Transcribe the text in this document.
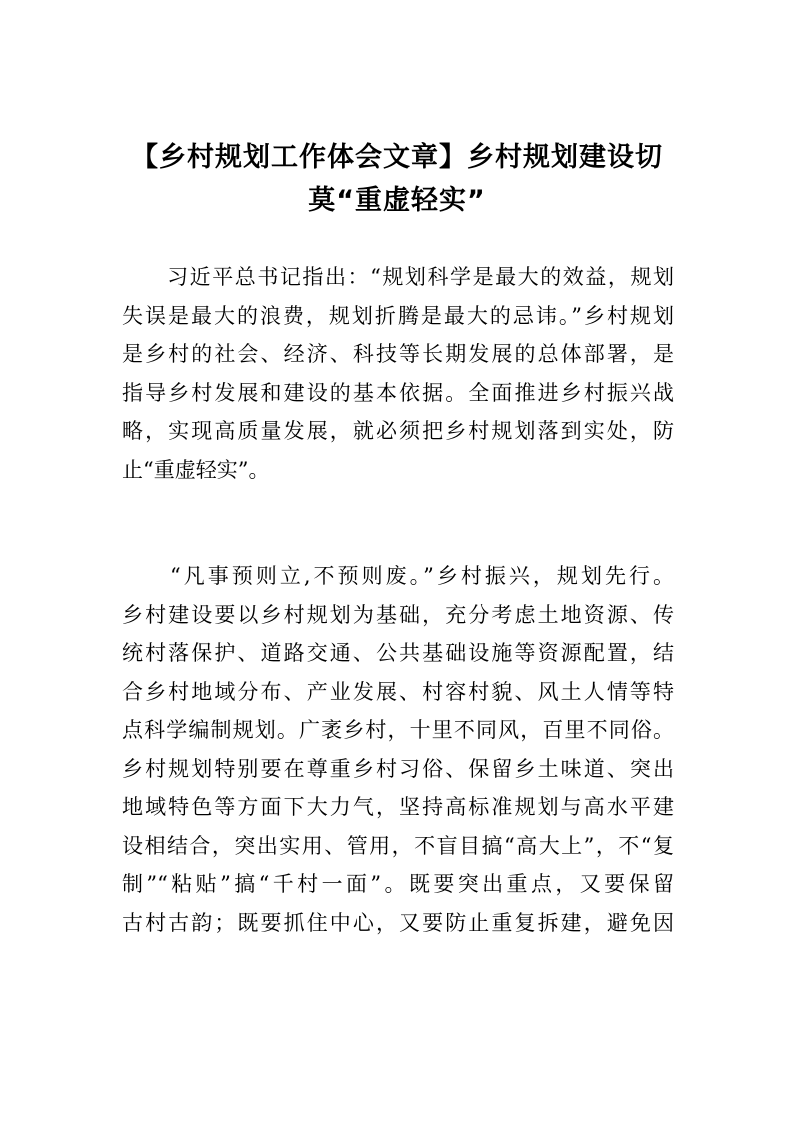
【乡村规划工作体会文章】乡村规划建设切
莫“重虚轻实”
　　习近平总书记指出：“规划科学是最大的效益，规划
失误是最大的浪费，规划折腾是最大的忌讳。”乡村规划
是乡村的社会、经济、科技等长期发展的总体部署，是
指导乡村发展和建设的基本依据。全面推进乡村振兴战
略，实现高质量发展，就必须把乡村规划落到实处，防
止“重虚轻实”。
　　“凡事预则立,不预则废。”乡村振兴，规划先行。
乡村建设要以乡村规划为基础，充分考虑土地资源、传
统村落保护、道路交通、公共基础设施等资源配置，结
合乡村地域分布、产业发展、村容村貌、风土人情等特
点科学编制规划。广袤乡村，十里不同风，百里不同俗。
乡村规划特别要在尊重乡村习俗、保留乡土味道、突出
地域特色等方面下大力气，坚持高标准规划与高水平建
设相结合，突出实用、管用，不盲目搞“高大上”，不“复
制”“粘贴”搞“千村一面”。既要突出重点，又要保留
古村古韵；既要抓住中心，又要防止重复拆建，避免因
